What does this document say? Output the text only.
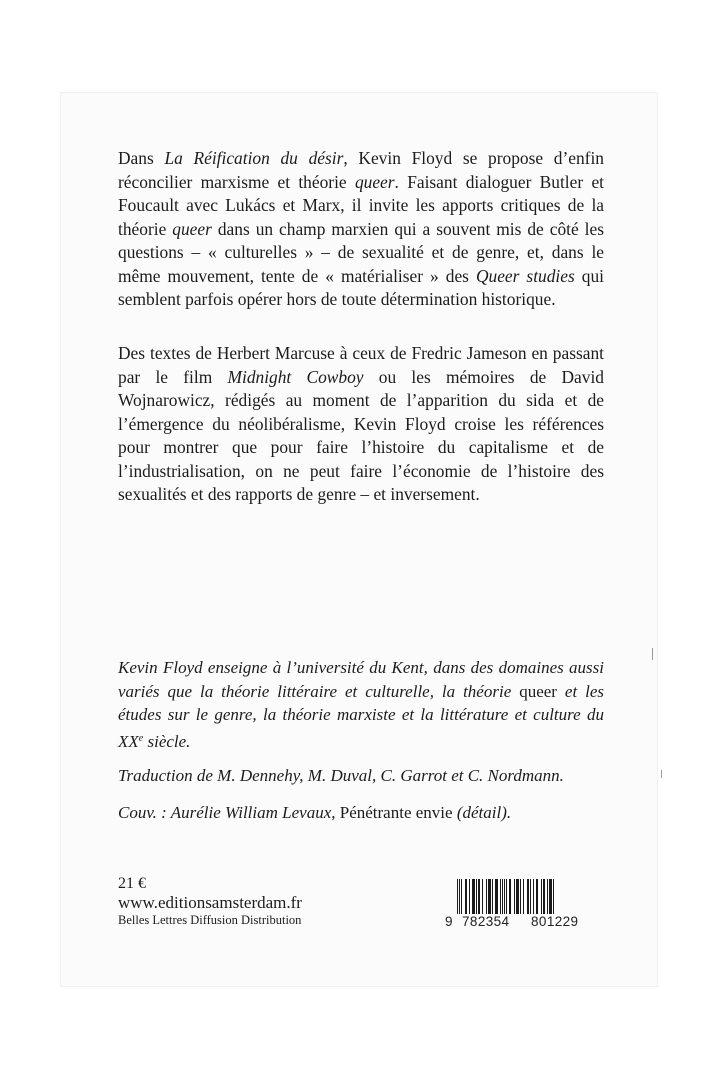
Dans La Réification du désir, Kevin Floyd se propose d’enfin réconcilier marxisme et théorie queer. Faisant dialoguer Butler et Foucault avec Lukács et Marx, il invite les apports critiques de la théorie queer dans un champ marxien qui a souvent mis de côté les questions – « culturelles » – de sexualité et de genre, et, dans le même mouvement, tente de « matérialiser » des Queer studies qui semblent parfois opérer hors de toute détermination historique.

Des textes de Herbert Marcuse à ceux de Fredric Jameson en passant par le film Midnight Cowboy ou les mémoires de David Wojnarowicz, rédigés au moment de l’apparition du sida et de l’émergence du néolibéralisme, Kevin Floyd croise les références pour montrer que pour faire l’histoire du capitalisme et de l’industrialisation, on ne peut faire l’économie de l’histoire des sexualités et des rapports de genre – et inversement.

Kevin Floyd enseigne à l’université du Kent, dans des domaines aussi variés que la théorie littéraire et culturelle, la théorie queer et les études sur le genre, la théorie marxiste et la littérature et culture du XXe siècle.

Traduction de M. Dennehy, M. Duval, C. Garrot et C. Nordmann.

Couv. : Aurélie William Levaux, Pénétrante envie (détail).

21 €

www.editionsamsterdam.fr

Belles Lettres Diffusion Distribution	9 782354 801229
